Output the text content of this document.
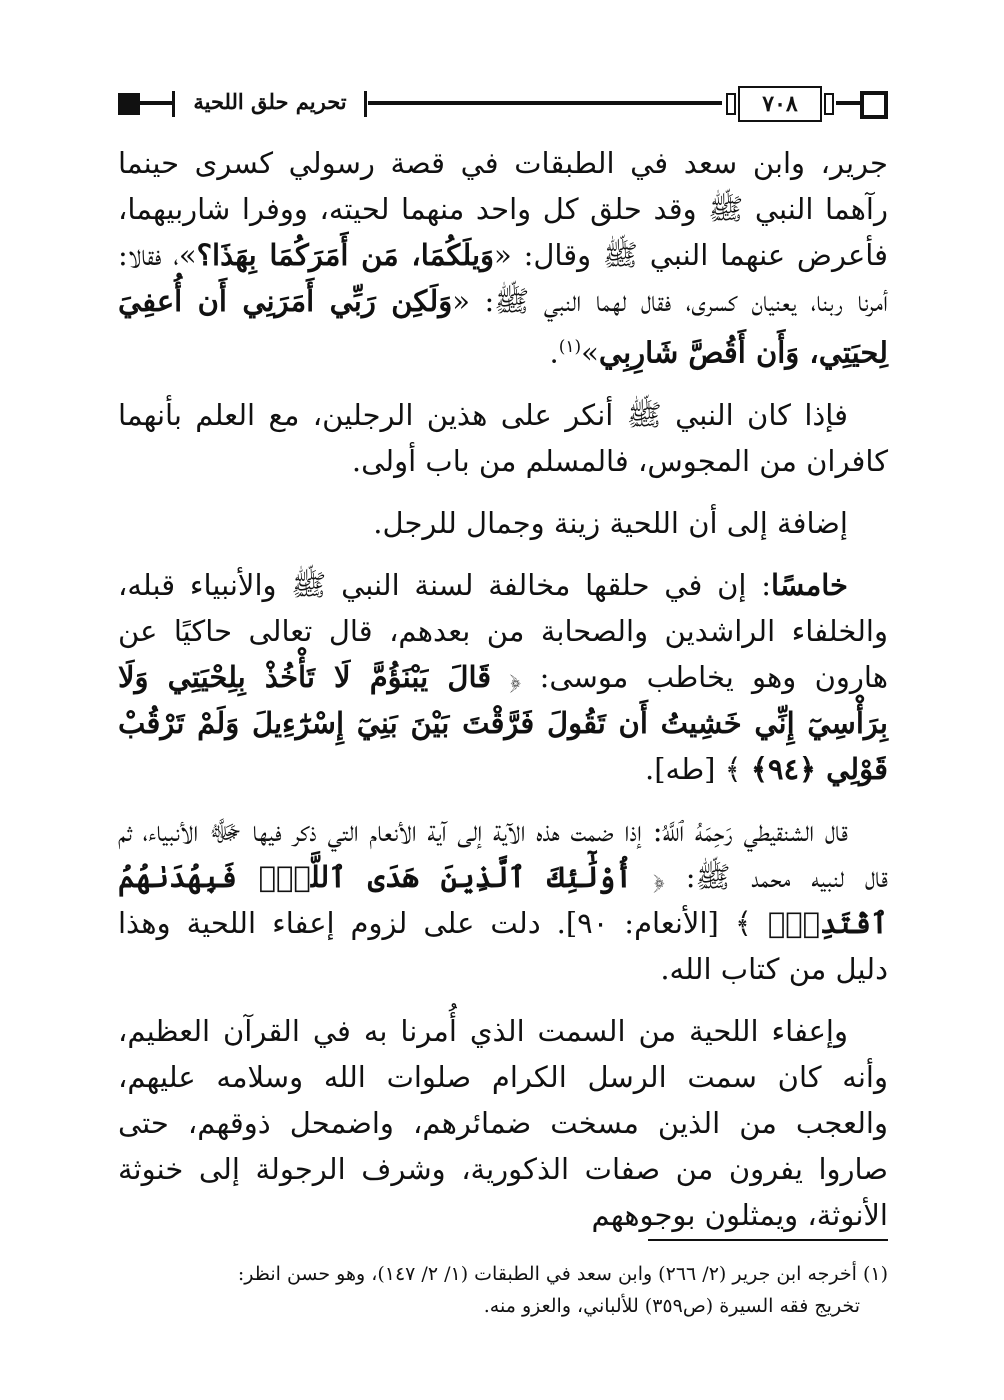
تحريم حلق اللحية	٧٠٨

جرير، وابن سعد في الطبقات في قصة رسولي كسرى حينما رآهما النبي ﷺ وقد حلق كل واحد منهما لحيته، ووفرا شاربيهما، فأعرض عنهما النبي ﷺ وقال: «وَيلَكُمَا، مَن أَمَرَكُمَا بِهَذَا؟»، فقالا: أمرنا ربنا، يعنيان كسرى، فقال لهما النبي ﷺ: «وَلَكِن رَبِّي أَمَرَنِي أَن أُعفِيَ لِحيَتِي، وَأَن أَقُصَّ شَارِبِي»$^{(١)}$.

فإذا كان النبي ﷺ أنكر على هذين الرجلين، مع العلم بأنهما كافران من المجوس، فالمسلم من باب أولى.

إضافة إلى أن اللحية زينة وجمال للرجل.

خامسًا: إن في حلقها مخالفة لسنة النبي ﷺ والأنبياء قبله، والخلفاء الراشدين والصحابة من بعدهم، قال تعالى حاكيًا عن هارون وهو يخاطب موسى: ﴿ قَالَ يَبْنَؤُمَّ لَا تَأْخُذْ بِلِحْيَتِي وَلَا بِرَأْسِيٓ إِنِّي خَشِيتُ أَن تَقُولَ فَرَّقْتَ بَيْنَ بَنِيٓ إِسْرَٰٓءِيلَ وَلَمْ تَرْقُبْ قَوْلِي ﴿٩٤﴾ ﴾ [طه].

قال الشنقيطي رَحِمَهُ ٱللَّهُ: إذا ضمت هذه الآية إلى آية الأنعام التي ذكر فيها ﷻ الأنبياء، ثم قال لنبيه محمد ﷺ: ﴿ أُوْلَٰٓئِكَ ٱلَّذِينَ هَدَى ٱللَّهُۖ فَبِهُدَىٰهُمُ ٱقْتَدِهْۗ ﴾ [الأنعام: ٩٠]. دلت على لزوم إعفاء اللحية وهذا دليل من كتاب الله.

وإعفاء اللحية من السمت الذي أُمرنا به في القرآن العظيم، وأنه كان سمت الرسل الكرام صلوات الله وسلامه عليهم، والعجب من الذين مسخت ضمائرهم، واضمحل ذوقهم، حتى صاروا يفرون من صفات الذكورية، وشرف الرجولة إلى خنوثة الأنوثة، ويمثلون بوجوههم

(١) أخرجه ابن جرير (٢/ ٢٦٦) وابن سعد في الطبقات (١/ ٢/ ١٤٧)، وهو حسن انظر:

تخريج فقه السيرة (ص٣٥٩) للألباني، والعزو منه.
